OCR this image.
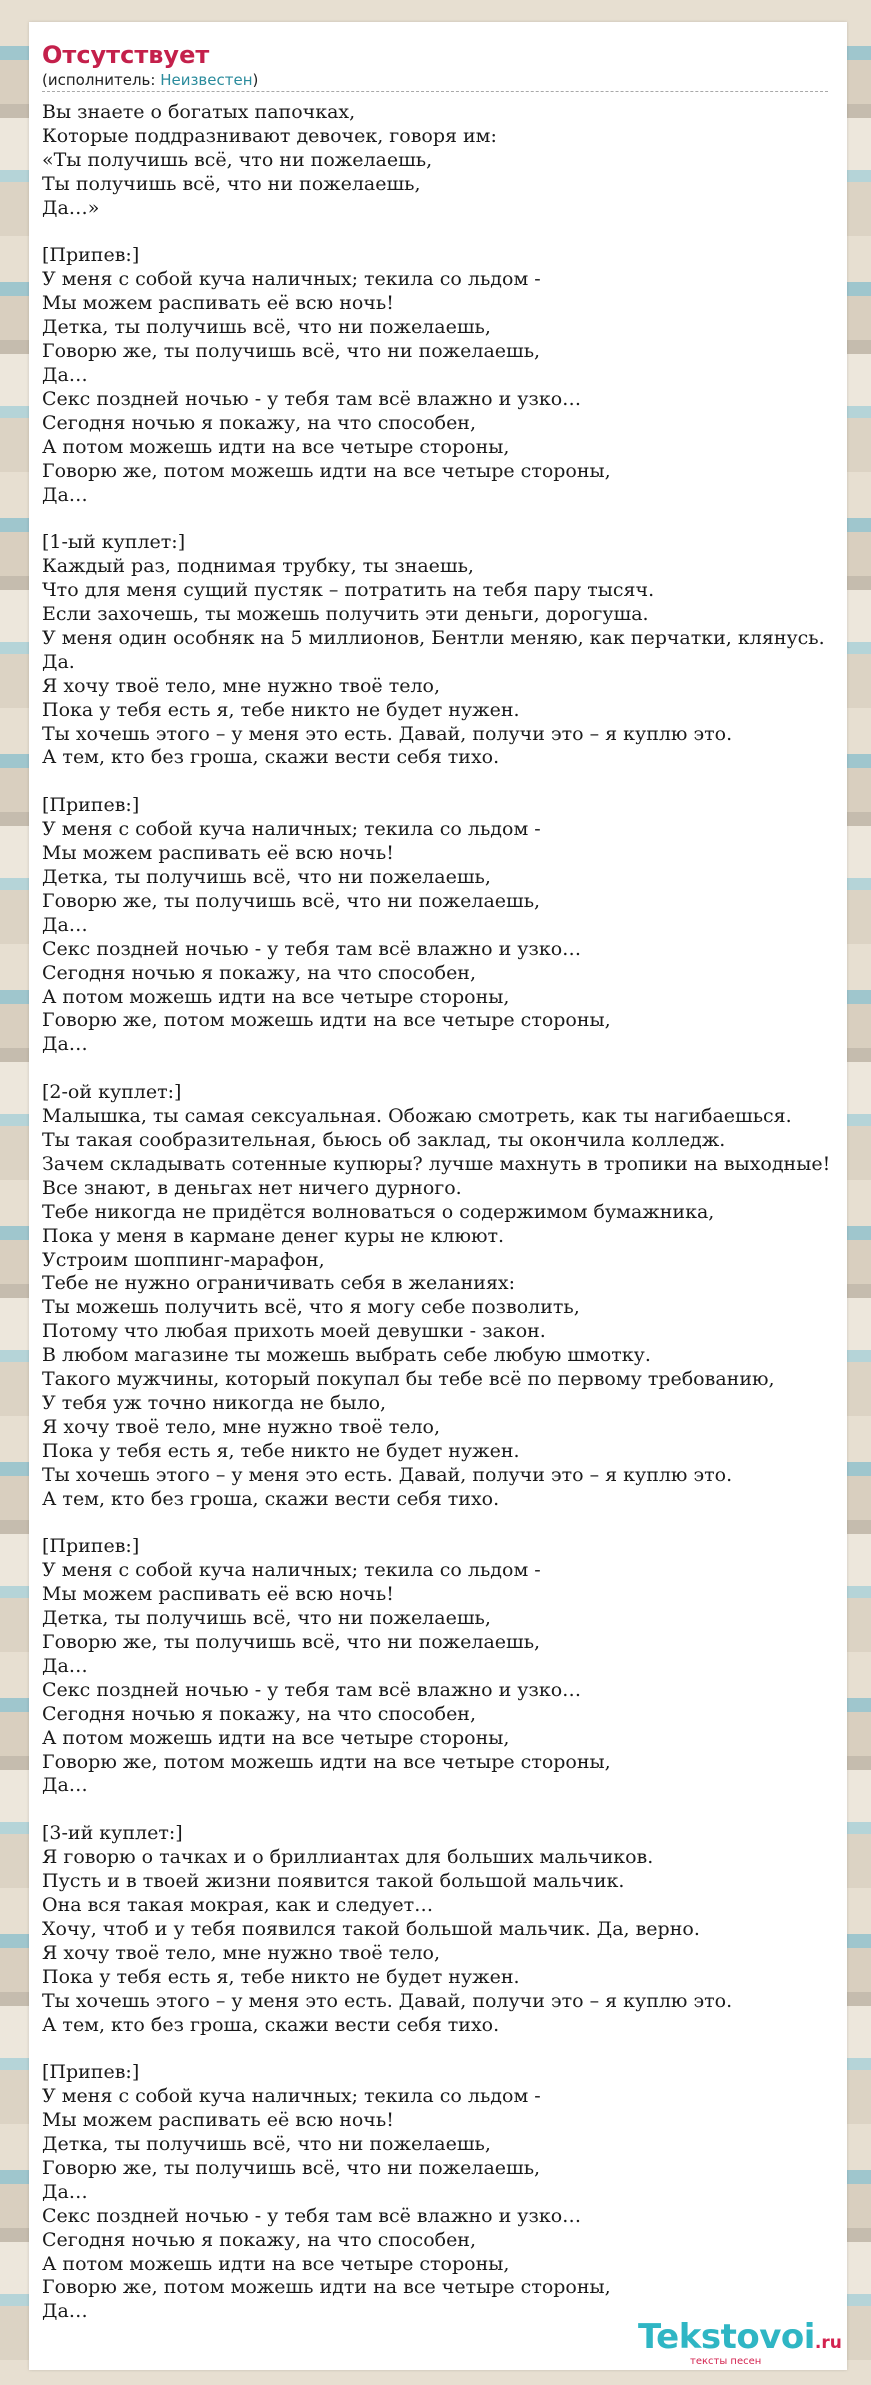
Отсутствует
(исполнитель: Неизвестен)
Вы знаете о богатых папочках,
Которые поддразнивают девочек, говоря им:
«Ты получишь всё, что ни пожелаешь,
Ты получишь всё, что ни пожелаешь,
Да…»

[Припев:]
У меня с собой куча наличных; текила со льдом -
Мы можем распивать её всю ночь!
Детка, ты получишь всё, что ни пожелаешь,
Говорю же, ты получишь всё, что ни пожелаешь,
Да…
Секс поздней ночью - у тебя там всё влажно и узко…
Сегодня ночью я покажу, на что способен,
А потом можешь идти на все четыре стороны,
Говорю же, потом можешь идти на все четыре стороны,
Да…

[1-ый куплет:]
Каждый раз, поднимая трубку, ты знаешь,
Что для меня сущий пустяк – потратить на тебя пару тысяч.
Если захочешь, ты можешь получить эти деньги, дорогуша.
У меня один особняк на 5 миллионов, Бентли меняю, как перчатки, клянусь.
Да.
Я хочу твоё тело, мне нужно твоё тело,
Пока у тебя есть я, тебе никто не будет нужен.
Ты хочешь этого – у меня это есть. Давай, получи это – я куплю это.
А тем, кто без гроша, скажи вести себя тихо.

[Припев:]
У меня с собой куча наличных; текила со льдом -
Мы можем распивать её всю ночь!
Детка, ты получишь всё, что ни пожелаешь,
Говорю же, ты получишь всё, что ни пожелаешь,
Да…
Секс поздней ночью - у тебя там всё влажно и узко…
Сегодня ночью я покажу, на что способен,
А потом можешь идти на все четыре стороны,
Говорю же, потом можешь идти на все четыре стороны,
Да…

[2-ой куплет:]
Малышка, ты самая сексуальная. Обожаю смотреть, как ты нагибаешься.
Ты такая сообразительная, бьюсь об заклад, ты окончила колледж.
Зачем складывать сотенные купюры? лучше махнуть в тропики на выходные!
Все знают, в деньгах нет ничего дурного.
Тебе никогда не придётся волноваться о содержимом бумажника,
Пока у меня в кармане денег куры не клюют.
Устроим шоппинг-марафон,
Тебе не нужно ограничивать себя в желаниях:
Ты можешь получить всё, что я могу себе позволить,
Потому что любая прихоть моей девушки - закон.
В любом магазине ты можешь выбрать себе любую шмотку.
Такого мужчины, который покупал бы тебе всё по первому требованию,
У тебя уж точно никогда не было,
Я хочу твоё тело, мне нужно твоё тело,
Пока у тебя есть я, тебе никто не будет нужен.
Ты хочешь этого – у меня это есть. Давай, получи это – я куплю это.
А тем, кто без гроша, скажи вести себя тихо.

[Припев:]
У меня с собой куча наличных; текила со льдом -
Мы можем распивать её всю ночь!
Детка, ты получишь всё, что ни пожелаешь,
Говорю же, ты получишь всё, что ни пожелаешь,
Да…
Секс поздней ночью - у тебя там всё влажно и узко…
Сегодня ночью я покажу, на что способен,
А потом можешь идти на все четыре стороны,
Говорю же, потом можешь идти на все четыре стороны,
Да…

[3-ий куплет:]
Я говорю о тачках и о бриллиантах для больших мальчиков.
Пусть и в твоей жизни появится такой большой мальчик.
Она вся такая мокрая, как и следует…
Хочу, чтоб и у тебя появился такой большой мальчик. Да, верно.
Я хочу твоё тело, мне нужно твоё тело,
Пока у тебя есть я, тебе никто не будет нужен.
Ты хочешь этого – у меня это есть. Давай, получи это – я куплю это.
А тем, кто без гроша, скажи вести себя тихо.

[Припев:]
У меня с собой куча наличных; текила со льдом -
Мы можем распивать её всю ночь!
Детка, ты получишь всё, что ни пожелаешь,
Говорю же, ты получишь всё, что ни пожелаешь,
Да…
Секс поздней ночью - у тебя там всё влажно и узко…
Сегодня ночью я покажу, на что способен,
А потом можешь идти на все четыре стороны,
Говорю же, потом можешь идти на все четыре стороны,
Да…
Tekstovoi.ru
тексты песен
